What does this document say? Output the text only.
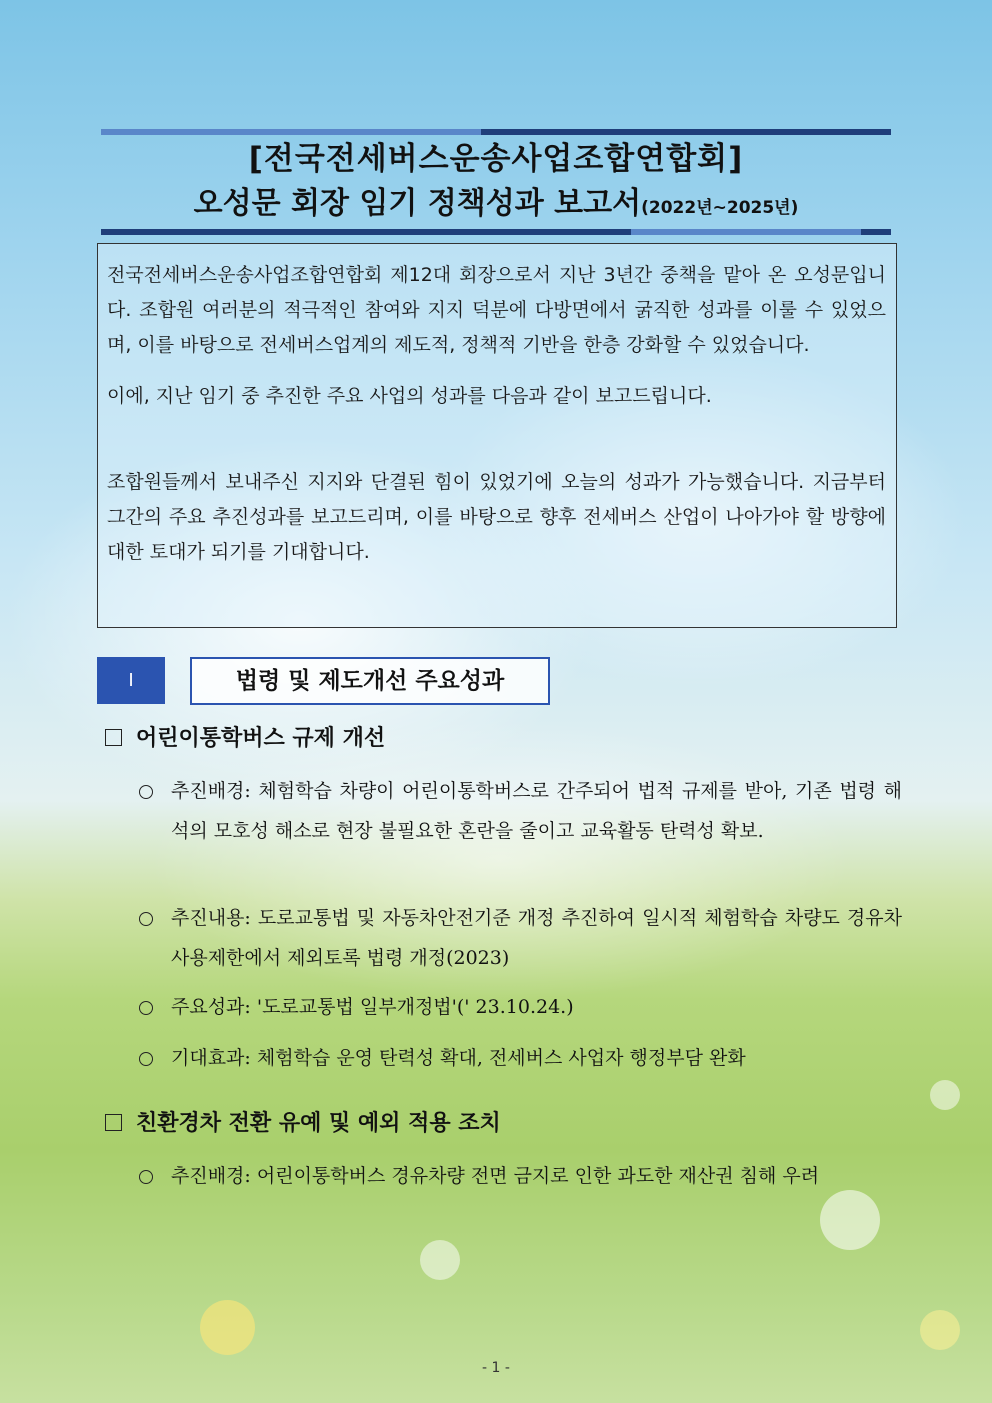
[전국전세버스운송사업조합연합회]
오성문 회장 임기 정책성과 보고서(2022년~2025년)

전국전세버스운송사업조합연합회 제12대 회장으로서 지난 3년간 중책을 맡아 온 오성문입니다. 조합원 여러분의 적극적인 참여와 지지 덕분에 다방면에서 굵직한 성과를 이룰 수 있었으며, 이를 바탕으로 전세버스업계의 제도적, 정책적 기반을 한층 강화할 수 있었습니다.

이에, 지난 임기 중 추진한 주요 사업의 성과를 다음과 같이 보고드립니다.

조합원들께서 보내주신 지지와 단결된 힘이 있었기에 오늘의 성과가 가능했습니다. 지금부터 그간의 주요 추진성과를 보고드리며, 이를 바탕으로 향후 전세버스 산업이 나아가야 할 방향에 대한 토대가 되기를 기대합니다.

Ⅰ	법령 및 제도개선 주요성과
어린이통학버스 규제 개선
추진배경: 체험학습 차량이 어린이통학버스로 간주되어 법적 규제를 받아, 기존 법령 해석의 모호성 해소로 현장 불필요한 혼란을 줄이고 교육활동 탄력성 확보.
추진내용: 도로교통법 및 자동차안전기준 개정 추진하여 일시적 체험학습 차량도 경유차 사용제한에서 제외토록 법령 개정(2023)
주요성과: '도로교통법 일부개정법'(' 23.10.24.)
기대효과: 체험학습 운영 탄력성 확대, 전세버스 사업자 행정부담 완화
친환경차 전환 유예 및 예외 적용 조치
추진배경: 어린이통학버스 경유차량 전면 금지로 인한 과도한 재산권 침해 우려
- 1 -
